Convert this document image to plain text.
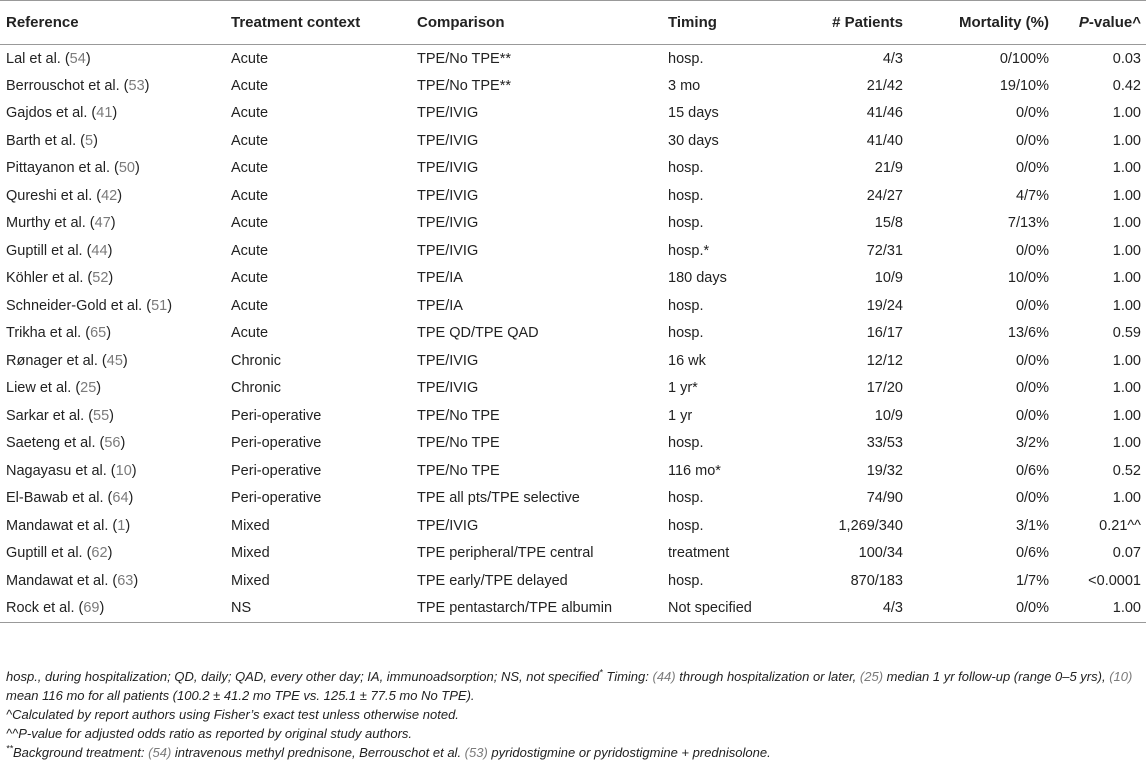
Reference	Treatment context	Comparison	Timing	# Patients	Mortality (%)	P-value^
Lal et al. (54)	Acute	TPE/No TPE**	hosp.	4/3	0/100%	0.03
Berrouschot et al. (53)	Acute	TPE/No TPE**	3 mo	21/42	19/10%	0.42
Gajdos et al. (41)	Acute	TPE/IVIG	15 days	41/46	0/0%	1.00
Barth et al. (5)	Acute	TPE/IVIG	30 days	41/40	0/0%	1.00
Pittayanon et al. (50)	Acute	TPE/IVIG	hosp.	21/9	0/0%	1.00
Qureshi et al. (42)	Acute	TPE/IVIG	hosp.	24/27	4/7%	1.00
Murthy et al. (47)	Acute	TPE/IVIG	hosp.	15/8	7/13%	1.00
Guptill et al. (44)	Acute	TPE/IVIG	hosp.*	72/31	0/0%	1.00
Köhler et al. (52)	Acute	TPE/IA	180 days	10/9	10/0%	1.00
Schneider-Gold et al. (51)	Acute	TPE/IA	hosp.	19/24	0/0%	1.00
Trikha et al. (65)	Acute	TPE QD/TPE QAD	hosp.	16/17	13/6%	0.59
Rønager et al. (45)	Chronic	TPE/IVIG	16 wk	12/12	0/0%	1.00
Liew et al. (25)	Chronic	TPE/IVIG	1 yr*	17/20	0/0%	1.00
Sarkar et al. (55)	Peri-operative	TPE/No TPE	1 yr	10/9	0/0%	1.00
Saeteng et al. (56)	Peri-operative	TPE/No TPE	hosp.	33/53	3/2%	1.00
Nagayasu et al. (10)	Peri-operative	TPE/No TPE	116 mo*	19/32	0/6%	0.52
El-Bawab et al. (64)	Peri-operative	TPE all pts/TPE selective	hosp.	74/90	0/0%	1.00
Mandawat et al. (1)	Mixed	TPE/IVIG	hosp.	1,269/340	3/1%	0.21^^
Guptill et al. (62)	Mixed	TPE peripheral/TPE central	treatment	100/34	0/6%	0.07
Mandawat et al. (63)	Mixed	TPE early/TPE delayed	hosp.	870/183	1/7%	<0.0001
Rock et al. (69)	NS	TPE pentastarch/TPE albumin	Not specified	4/3	0/0%	1.00

hosp., during hospitalization; QD, daily; QAD, every other day; IA, immunoadsorption; NS, not specified* Timing: (44) through hospitalization or later, (25) median 1 yr follow-up (range 0–5 yrs), (10) mean 116 mo for all patients (100.2 ± 41.2 mo TPE vs. 125.1 ± 77.5 mo No TPE).

^Calculated by report authors using Fisher’s exact test unless otherwise noted.

^^P-value for adjusted odds ratio as reported by original study authors.

**Background treatment: (54) intravenous methyl prednisone, Berrouschot et al. (53) pyridostigmine or pyridostigmine + prednisolone.
